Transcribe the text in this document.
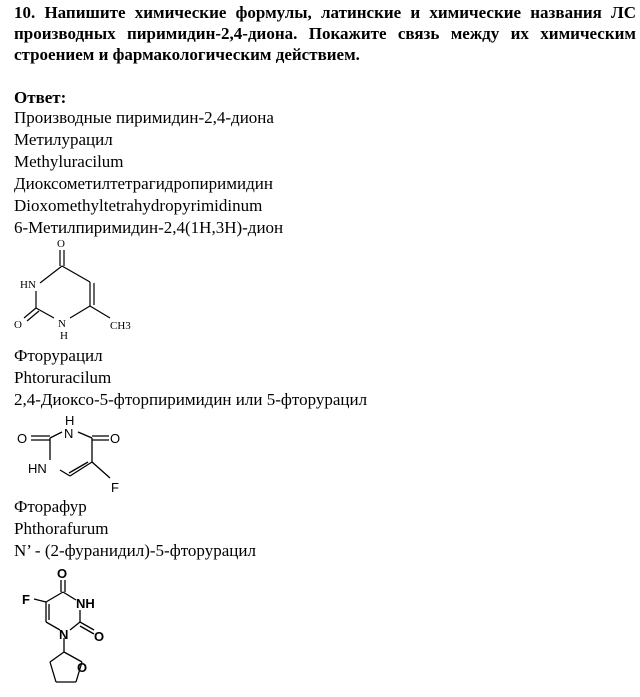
10. Напишите химические формулы, латинские и химические названия ЛС производных пиримидин-2,4-диона. Покажите связь между их химическим строением и фармакологическим действием.

Ответ:

Производные пиримидин-2,4-диона

Метилурацил

Methyluracilum

Диоксометилтетрагидропиримидин

Dioxomethyltetrahydropyrimidinum

6-Метилпиримидин-2,4(1Н,3Н)-дион

O
HN
O	N
H
CH3

Фторурацил

Phtoruracilum

2,4-Диоксо-5-фторпиримидин или 5-фторурацил

H
N
O	O
HN
F

Фторафур

Phthorafurum

N’ - (2-фуранидил)-5-фторурацил

O
F	NH
N O
O
